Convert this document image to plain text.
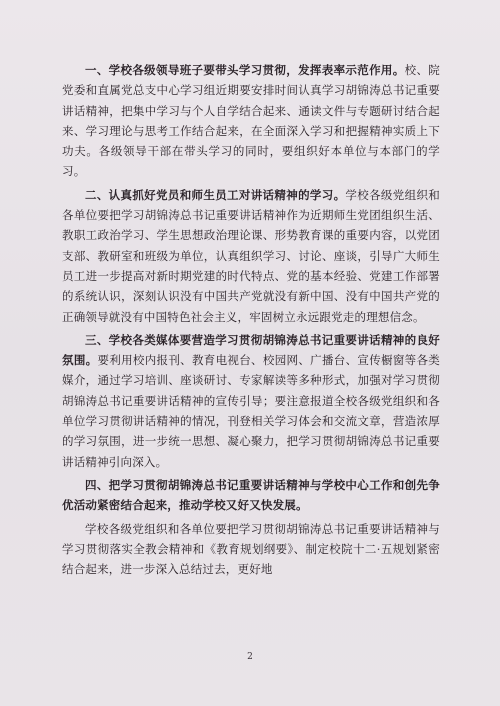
一、学校各级领导班子要带头学习贯彻，发挥表率示范作用。校、院党委和直属党总支中心学习组近期要安排时间认真学习胡锦涛总书记重要讲话精神，把集中学习与个人自学结合起来、通读文件与专题研讨结合起来、学习理论与思考工作结合起来，在全面深入学习和把握精神实质上下功夫。各级领导干部在带头学习的同时，要组织好本单位与本部门的学习。

二、认真抓好党员和师生员工对讲话精神的学习。学校各级党组织和各单位要把学习胡锦涛总书记重要讲话精神作为近期师生党团组织生活、教职工政治学习、学生思想政治理论课、形势教育课的重要内容，以党团支部、教研室和班级为单位，认真组织学习、讨论、座谈，引导广大师生员工进一步提高对新时期党建的时代特点、党的基本经验、党建工作部署的系统认识，深刻认识没有中国共产党就没有新中国、没有中国共产党的正确领导就没有中国特色社会主义，牢固树立永远跟党走的理想信念。

三、学校各类媒体要营造学习贯彻胡锦涛总书记重要讲话精神的良好氛围。要利用校内报刊、教育电视台、校园网、广播台、宣传橱窗等各类媒介，通过学习培训、座谈研讨、专家解读等多种形式，加强对学习贯彻胡锦涛总书记重要讲话精神的宣传引导；要注意报道全校各级党组织和各单位学习贯彻讲话精神的情况，刊登相关学习体会和交流文章，营造浓厚的学习氛围，进一步统一思想、凝心聚力，把学习贯彻胡锦涛总书记重要讲话精神引向深入。

四、把学习贯彻胡锦涛总书记重要讲话精神与学校中心工作和创先争优活动紧密结合起来，推动学校又好又快发展。

学校各级党组织和各单位要把学习贯彻胡锦涛总书记重要讲话精神与学习贯彻落实全教会精神和《教育规划纲要》、制定校院十二·五规划紧密结合起来，进一步深入总结过去，更好地

2
